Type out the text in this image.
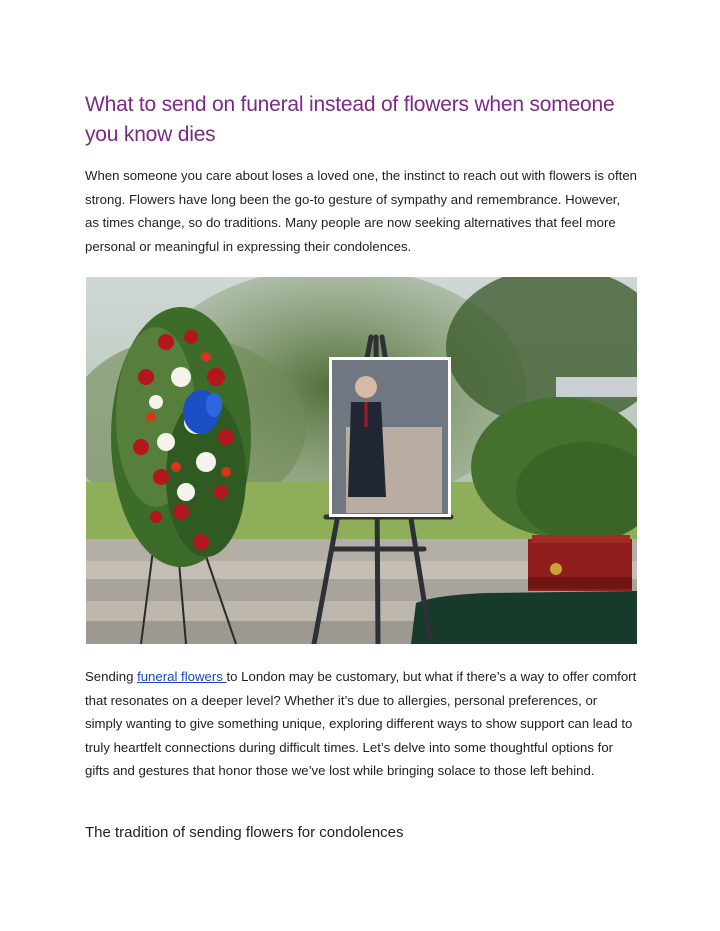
What to send on funeral instead of flowers when someone you know dies

When someone you care about loses a loved one, the instinct to reach out with flowers is often strong. Flowers have long been the go-to gesture of sympathy and remembrance. However, as times change, so do traditions. Many people are now seeking alternatives that feel more personal or meaningful in expressing their condolences.

Sending funeral flowers to London may be customary, but what if there’s a way to offer comfort that resonates on a deeper level? Whether it’s due to allergies, personal preferences, or simply wanting to give something unique, exploring different ways to show support can lead to truly heartfelt connections during difficult times. Let’s delve into some thoughtful options for gifts and gestures that honor those we’ve lost while bringing solace to those left behind.

The tradition of sending flowers for condolences
